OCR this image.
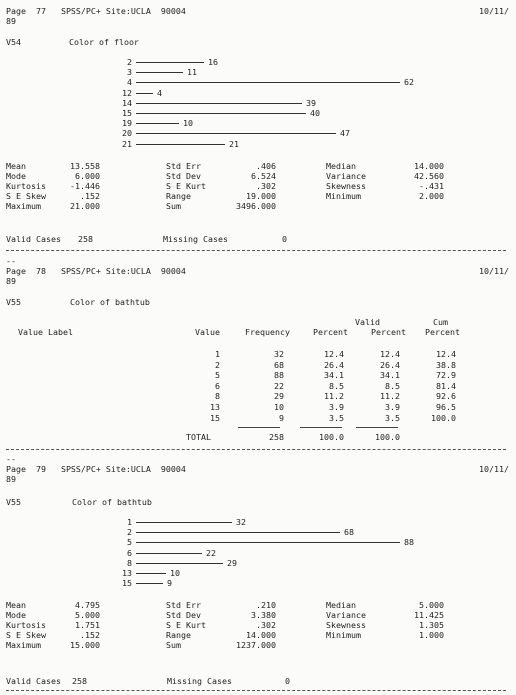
Page  77   SPSS/PC+ Site:UCLA  90004	10/11/
89
V54	Color of floor
2	16
3	11
4	62
12	4
14	39
15	40
19	10
20	47
21	21
Mean	13.558	Std Err	.406	Median	14.000
Mode	6.000	Std Dev	6.524	Variance	42.560
Kurtosis	-1.446	S E Kurt	.302	Skewness	-.431
S E Skew	.152	Range	19.000	Minimum	2.000
Maximum	21.000	Sum	3496.000
Valid Cases 258	Missing Cases	0
--
Page  78   SPSS/PC+ Site:UCLA  90004	10/11/
89
V55	Color of bathtub
Valid	Cum
Value Label	Value	Frequency	Percent	Percent	Percent
1	32	12.4	12.4	12.4
2	68	26.4	26.4	38.8
5	88	34.1	34.1	72.9
6	22	8.5	8.5	81.4
8	29	11.2	11.2	92.6
13	10	3.9	3.9	96.5
15	9	3.5	3.5	100.0
TOTAL	258	100.0	100.0
--
Page  79   SPSS/PC+ Site:UCLA  90004	10/11/
89
V55	Color of bathtub
1	32
2	68
5	88
6	22
8	29
13	10
15	9
Mean	4.795	Std Err	.210	Median	5.000
Mode	5.000	Std Dev	3.380	Variance	11.425
Kurtosis	1.751	S E Kurt	.302	Skewness	1.305
S E Skew	.152	Range	14.000	Minimum	1.000
Maximum	15.000	Sum	1237.000
Valid Cases 258	Missing Cases	0
